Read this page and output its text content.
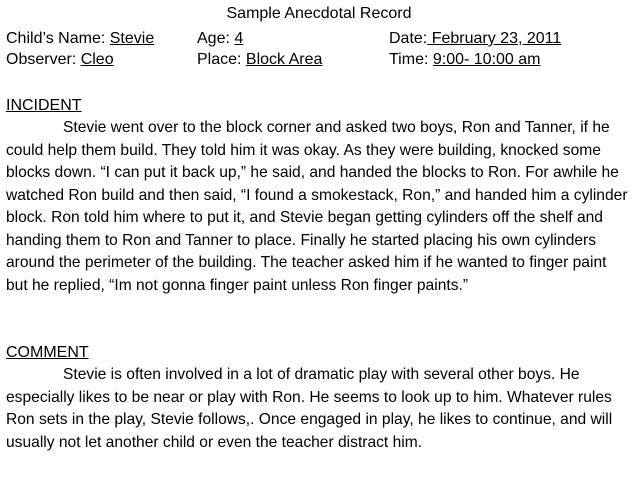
Sample Anecdotal Record
Child’s Name: Stevie	Age: 4	Date: February 23, 2011
Observer: Cleo	Place: Block Area	Time: 9:00- 10:00 am
INCIDENT

Stevie went over to the block corner and asked two boys, Ron and Tanner, if he could help them build. They told him it was okay. As they were building, knocked some blocks down. “I can put it back up,” he said, and handed the blocks to Ron. For awhile he watched Ron build and then said, “I found a smokestack, Ron,” and handed him a cylinder block. Ron told him where to put it, and Stevie began getting cylinders off the shelf and handing them to Ron and Tanner to place. Finally he started placing his own cylinders around the perimeter of the building. The teacher asked him if he wanted to finger paint but he replied, “Im not gonna finger paint unless Ron finger paints.”

COMMENT

Stevie is often involved in a lot of dramatic play with several other boys. He especially likes to be near or play with Ron. He seems to look up to him. Whatever rules Ron sets in the play, Stevie follows,. Once engaged in play, he likes to continue, and will usually not let another child or even the teacher distract him.
